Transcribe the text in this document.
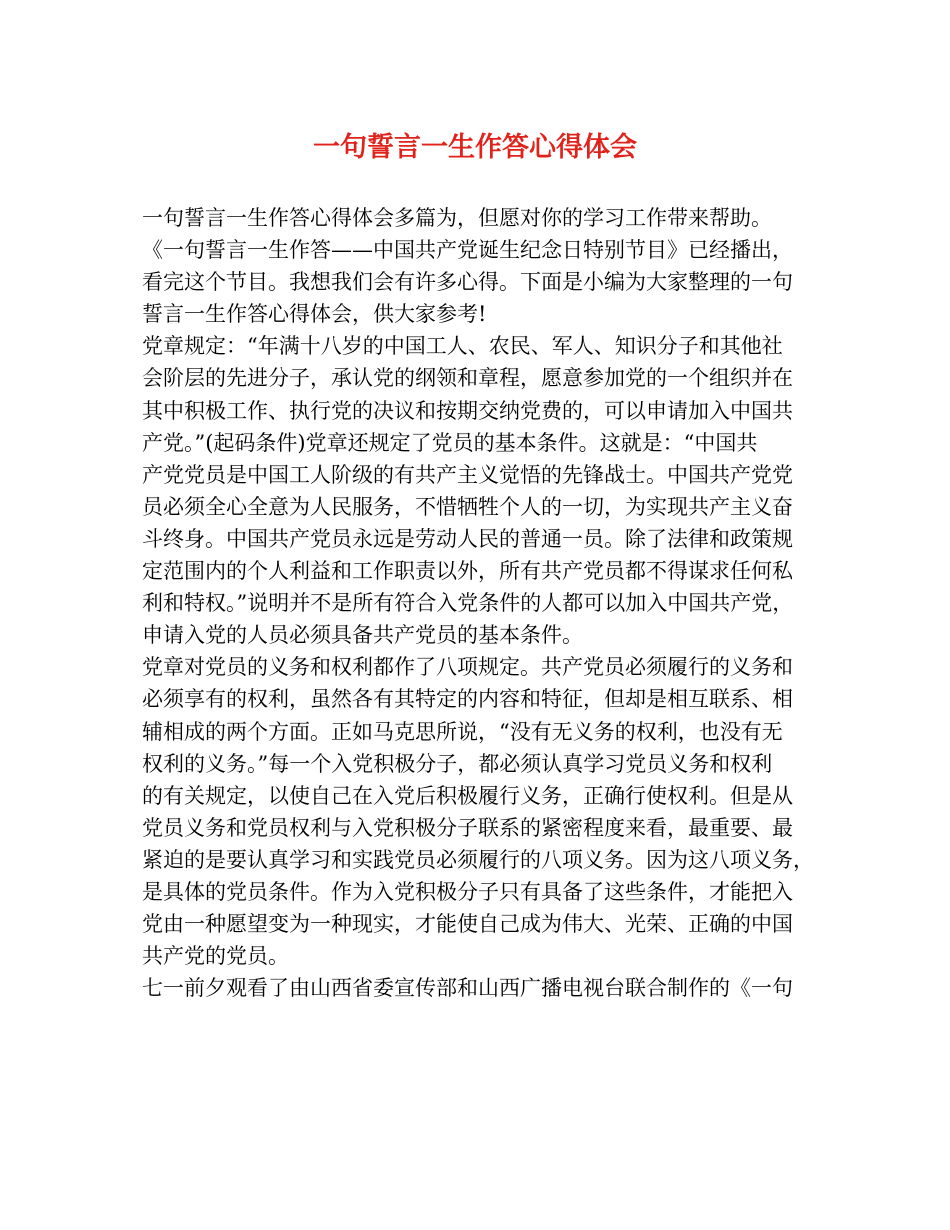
一句誓言一生作答心得体会
一句誓言一生作答心得体会多篇为，但愿对你的学习工作带来帮助。
《一句誓言一生作答——中国共产党诞生纪念日特别节目》已经播出，
看完这个节目。我想我们会有许多心得。下面是小编为大家整理的一句
誓言一生作答心得体会，供大家参考!
党章规定：“年满十八岁的中国工人、农民、军人、知识分子和其他社
会阶层的先进分子，承认党的纲领和章程，愿意参加党的一个组织并在
其中积极工作、执行党的决议和按期交纳党费的，可以申请加入中国共
产党。”(起码条件)党章还规定了党员的基本条件。这就是：“中国共
产党党员是中国工人阶级的有共产主义觉悟的先锋战士。中国共产党党
员必须全心全意为人民服务，不惜牺牲个人的一切，为实现共产主义奋
斗终身。中国共产党员永远是劳动人民的普通一员。除了法律和政策规
定范围内的个人利益和工作职责以外，所有共产党员都不得谋求任何私
利和特权。”说明并不是所有符合入党条件的人都可以加入中国共产党，
申请入党的人员必须具备共产党员的基本条件。
党章对党员的义务和权利都作了八项规定。共产党员必须履行的义务和
必须享有的权利，虽然各有其特定的内容和特征，但却是相互联系、相
辅相成的两个方面。正如马克思所说，“没有无义务的权利，也没有无
权利的义务。”每一个入党积极分子，都必须认真学习党员义务和权利
的有关规定，以使自己在入党后积极履行义务，正确行使权利。但是从
党员义务和党员权利与入党积极分子联系的紧密程度来看，最重要、最
紧迫的是要认真学习和实践党员必须履行的八项义务。因为这八项义务，
是具体的党员条件。作为入党积极分子只有具备了这些条件，才能把入
党由一种愿望变为一种现实，才能使自己成为伟大、光荣、正确的中国
共产党的党员。
七一前夕观看了由山西省委宣传部和山西广播电视台联合制作的《一句
